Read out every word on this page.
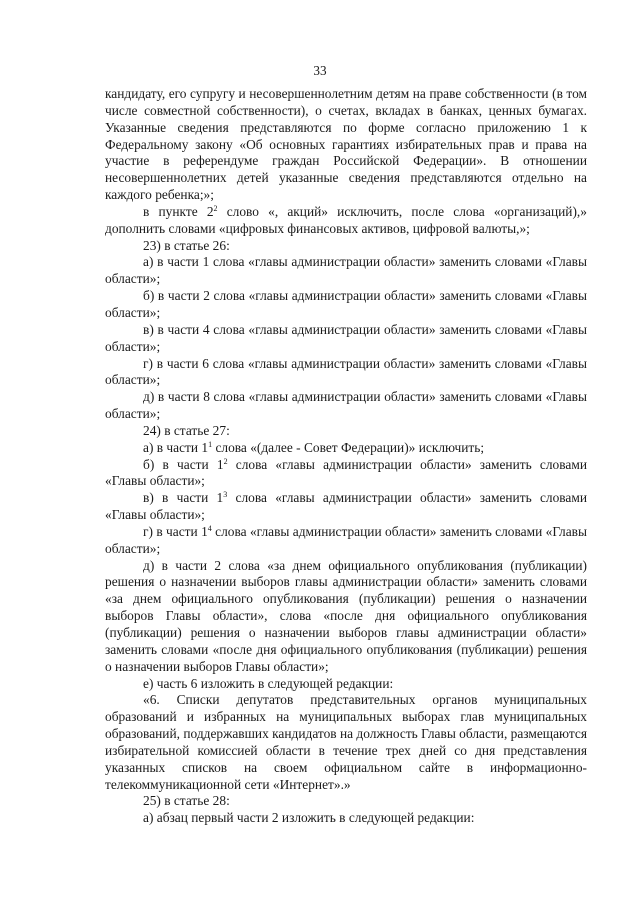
33

кандидату, его супругу и несовершеннолетним детям на праве собственности (в том числе совместной собственности), о счетах, вкладах в банках, ценных бумагах. Указанные сведения представляются по форме согласно приложению 1 к Федеральному закону «Об основных гарантиях избирательных прав и права на участие в референдуме граждан Российской Федерации». В отношении несовершеннолетних детей указанные сведения представляются отдельно на каждого ребенка;»;

в пункте $2^2$ слово «, акций» исключить, после слова «организаций),» дополнить словами «цифровых финансовых активов, цифровой валюты,»;

23) в статье 26:

а) в части 1 слова «главы администрации области» заменить словами «Главы области»;

б) в части 2 слова «главы администрации области» заменить словами «Главы области»;

в) в части 4 слова «главы администрации области» заменить словами «Главы области»;

г) в части 6 слова «главы администрации области» заменить словами «Главы области»;

д) в части 8 слова «главы администрации области» заменить словами «Главы области»;

24) в статье 27:

а) в части $1^1$ слова «(далее - Совет Федерации)» исключить;

б) в части $1^2$ слова «главы администрации области» заменить словами «Главы области»;

в) в части $1^3$ слова «главы администрации области» заменить словами «Главы области»;

г) в части $1^4$ слова «главы администрации области» заменить словами «Главы области»;

д) в части 2 слова «за днем официального опубликования (публикации) решения о назначении выборов главы администрации области» заменить словами «за днем официального опубликования (публикации) решения о назначении выборов Главы области», слова «после дня официального опубликования (публикации) решения о назначении выборов главы администрации области» заменить словами «после дня официального опубликования (публикации) решения о назначении выборов Главы области»;

е) часть 6 изложить в следующей редакции:

«6. Списки депутатов представительных органов муниципальных образований и избранных на муниципальных выборах глав муниципальных образований, поддержавших кандидатов на должность Главы области, размещаются избирательной комиссией области в течение трех дней со дня представления указанных списков на своем официальном сайте в информационно-телекоммуникационной сети «Интернет».»

25) в статье 28:

а) абзац первый части 2 изложить в следующей редакции:
